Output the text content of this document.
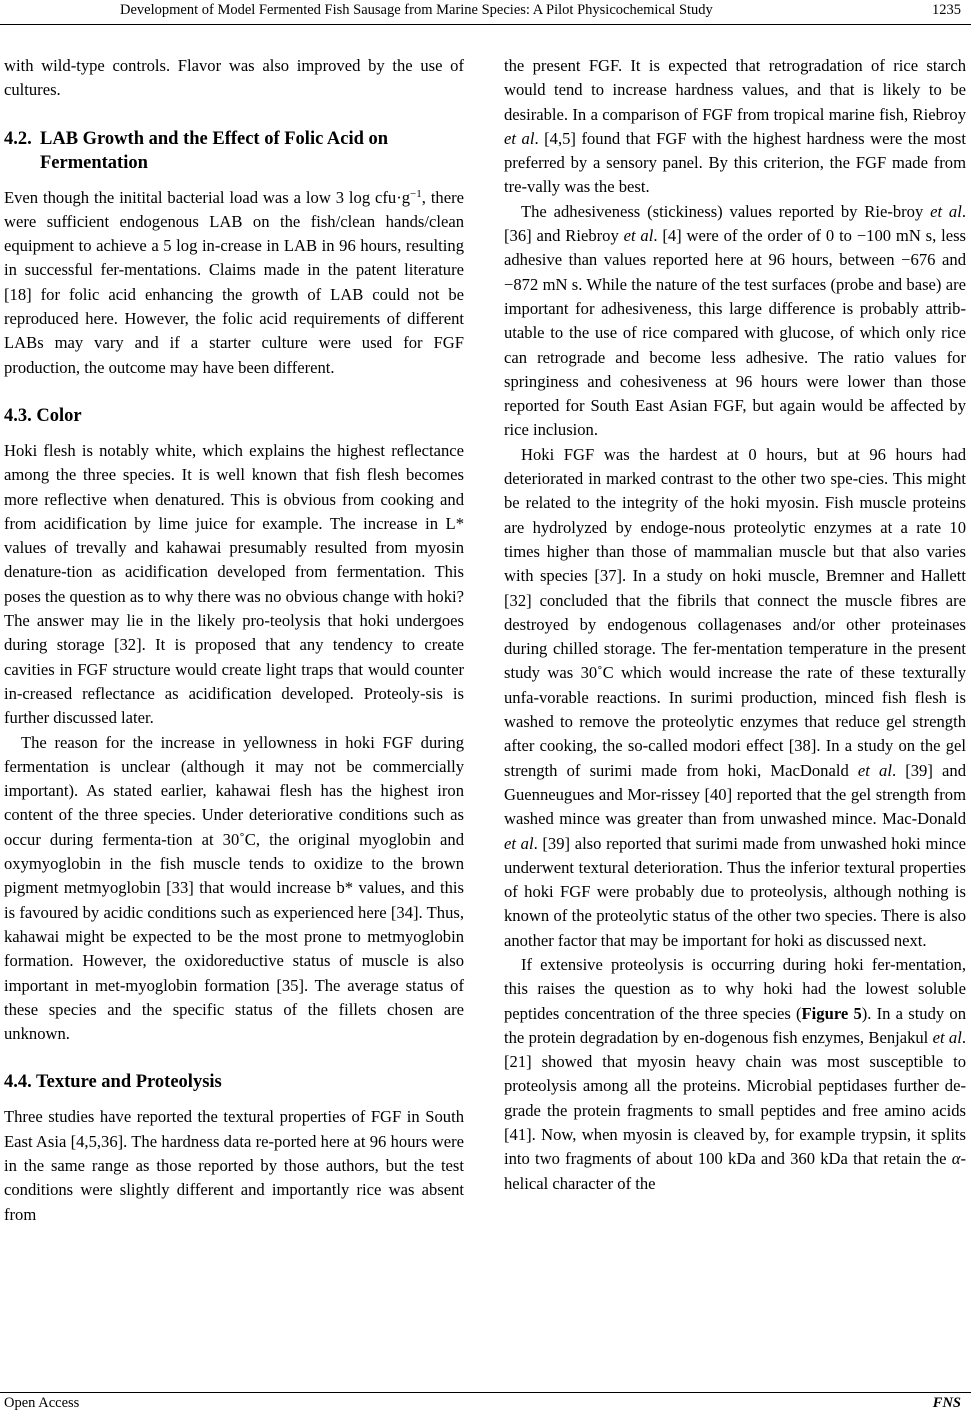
Development of Model Fermented Fish Sausage from Marine Species: A Pilot Physicochemical Study	1235

with wild-type controls. Flavor was also improved by the use of cultures.

4.2. LAB Growth and the Effect of Folic Acid on Fermentation

Even though the initital bacterial load was a low 3 $\log cfu\cdot g^{-1}$, there were sufficient endogenous LAB on the fish/clean hands/clean equipment to achieve a 5 log in-crease in LAB in 96 hours, resulting in successful fer-mentations. Claims made in the patent literature [18] for folic acid enhancing the growth of LAB could not be reproduced here. However, the folic acid requirements of different LABs may vary and if a starter culture were used for FGF production, the outcome may have been different.

4.3. Color

Hoki flesh is notably white, which explains the highest reflectance among the three species. It is well known that fish flesh becomes more reflective when denatured. This is obvious from cooking and from acidification by lime juice for example. The increase in L* values of trevally and kahawai presumably resulted from myosin denature-tion as acidification developed from fermentation. This poses the question as to why there was no obvious change with hoki? The answer may lie in the likely pro-teolysis that hoki undergoes during storage [32]. It is proposed that any tendency to create cavities in FGF structure would create light traps that would counter in-creased reflectance as acidification developed. Proteoly-sis is further discussed later.

The reason for the increase in yellowness in hoki FGF during fermentation is unclear (although it may not be commercially important). As stated earlier, kahawai flesh has the highest iron content of the three species. Under deteriorative conditions such as occur during fermenta-tion at 30˚C, the original myoglobin and oxymyoglobin in the fish muscle tends to oxidize to the brown pigment metmyoglobin [33] that would increase b* values, and this is favoured by acidic conditions such as experienced here [34]. Thus, kahawai might be expected to be the most prone to metmyoglobin formation. However, the oxidoreductive status of muscle is also important in met-myoglobin formation [35]. The average status of these species and the specific status of the fillets chosen are unknown.

4.4. Texture and Proteolysis

Three studies have reported the textural properties of FGF in South East Asia [4,5,36]. The hardness data re-ported here at 96 hours were in the same range as those reported by those authors, but the test conditions were slightly different and importantly rice was absent from

the present FGF. It is expected that retrogradation of rice starch would tend to increase hardness values, and that is likely to be desirable. In a comparison of FGF from tropical marine fish, Riebroy et al. [4,5] found that FGF with the highest hardness were the most preferred by a sensory panel. By this criterion, the FGF made from tre-vally was the best.

The adhesiveness (stickiness) values reported by Rie-broy et al. [36] and Riebroy et al. [4] were of the order of 0 to −100 mN s, less adhesive than values reported here at 96 hours, between −676 and −872 mN s. While the nature of the test surfaces (probe and base) are important for adhesiveness, this large difference is probably attrib-utable to the use of rice compared with glucose, of which only rice can retrograde and become less adhesive. The ratio values for springiness and cohesiveness at 96 hours were lower than those reported for South East Asian FGF, but again would be affected by rice inclusion.

Hoki FGF was the hardest at 0 hours, but at 96 hours had deteriorated in marked contrast to the other two spe-cies. This might be related to the integrity of the hoki myosin. Fish muscle proteins are hydrolyzed by endoge-nous proteolytic enzymes at a rate 10 times higher than those of mammalian muscle but that also varies with species [37]. In a study on hoki muscle, Bremner and Hallett [32] concluded that the fibrils that connect the muscle fibres are destroyed by endogenous collagenases and/or other proteinases during chilled storage. The fer-mentation temperature in the present study was 30˚C which would increase the rate of these texturally unfa-vorable reactions. In surimi production, minced fish flesh is washed to remove the proteolytic enzymes that reduce gel strength after cooking, the so-called modori effect [38]. In a study on the gel strength of surimi made from hoki, MacDonald et al. [39] and Guenneugues and Mor-rissey [40] reported that the gel strength from washed mince was greater than from unwashed mince. Mac-Donald et al. [39] also reported that surimi made from unwashed hoki mince underwent textural deterioration. Thus the inferior textural properties of hoki FGF were probably due to proteolysis, although nothing is known of the proteolytic status of the other two species. There is also another factor that may be important for hoki as discussed next.

If extensive proteolysis is occurring during hoki fer-mentation, this raises the question as to why hoki had the lowest soluble peptides concentration of the three species (Figure 5). In a study on the protein degradation by en-dogenous fish enzymes, Benjakul et al. [21] showed that myosin heavy chain was most susceptible to proteolysis among all the proteins. Microbial peptidases further de-grade the protein fragments to small peptides and free amino acids [41]. Now, when myosin is cleaved by, for example trypsin, it splits into two fragments of about 100 kDa and 360 kDa that retain the α-helical character of the

Open Access	FNS
